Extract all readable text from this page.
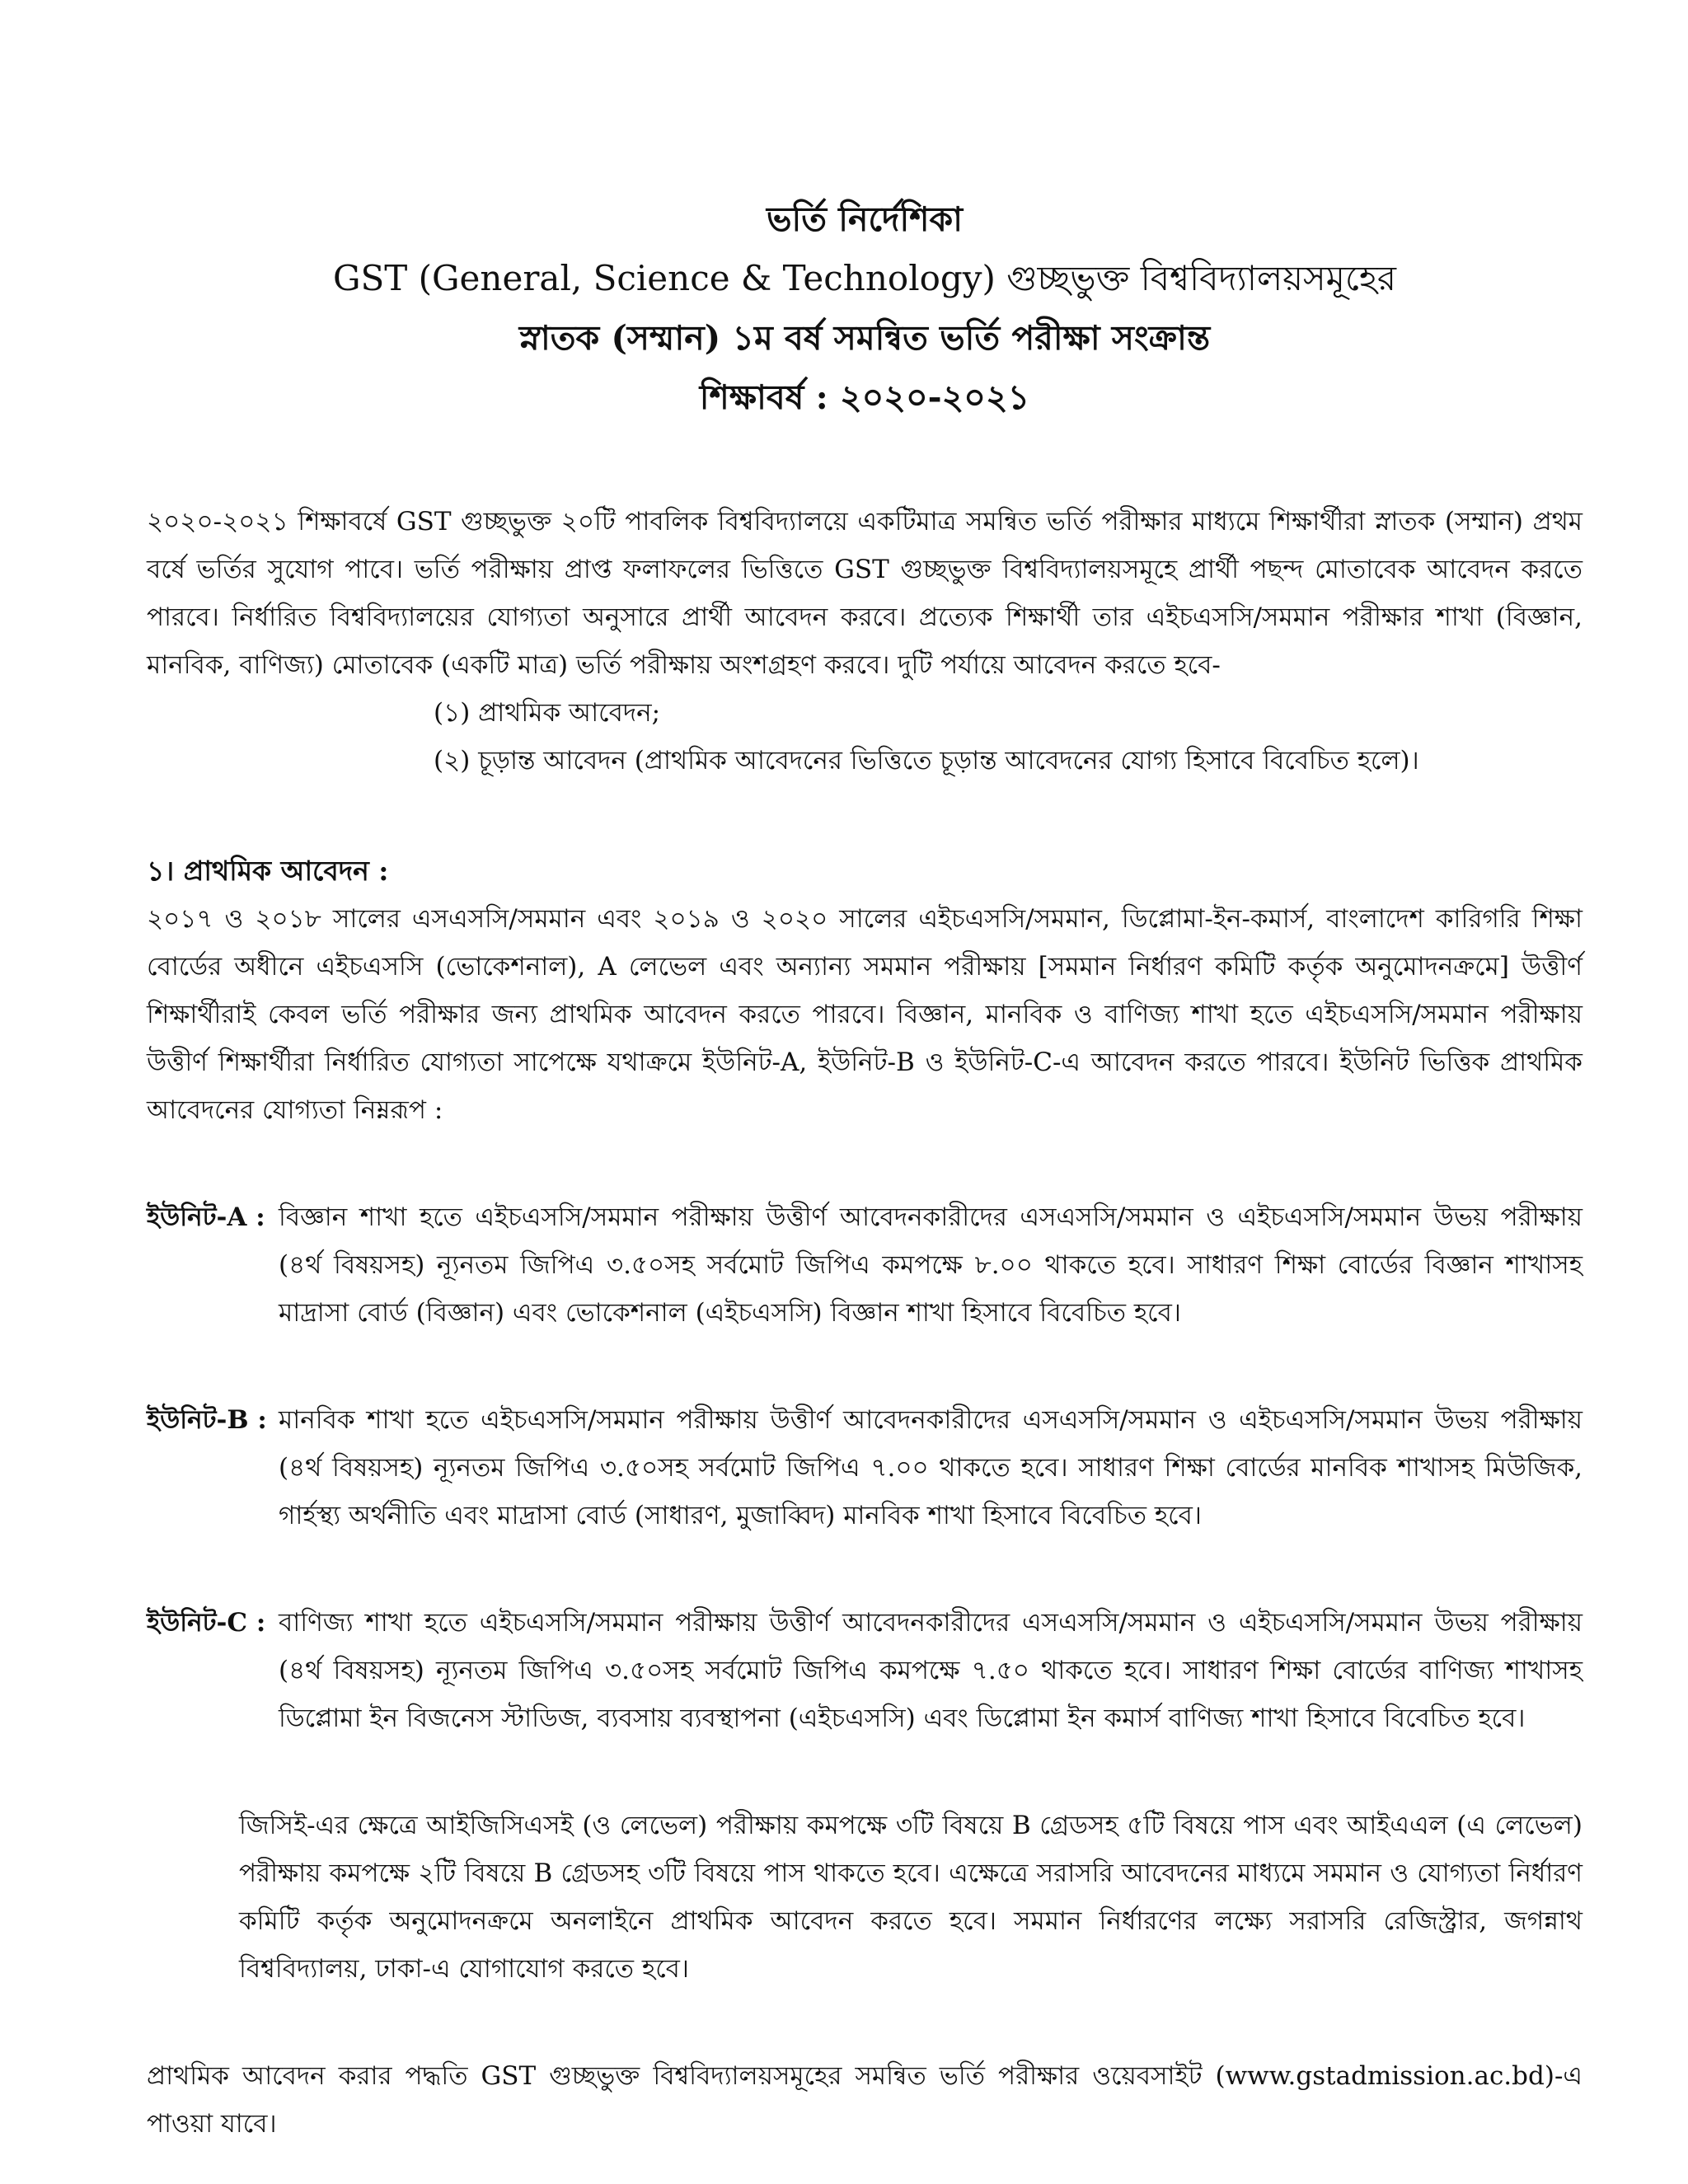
ভর্তি নির্দেশিকা
GST (General, Science & Technology) গুচ্ছভুক্ত বিশ্ববিদ্যালয়সমূহের
স্নাতক (সম্মান) ১ম বর্ষ সমন্বিত ভর্তি পরীক্ষা সংক্রান্ত
শিক্ষাবর্ষ : ২০২০-২০২১

২০২০-২০২১ শিক্ষাবর্ষে GST গুচ্ছভুক্ত ২০টি পাবলিক বিশ্ববিদ্যালয়ে একটিমাত্র সমন্বিত ভর্তি পরীক্ষার মাধ্যমে শিক্ষার্থীরা স্নাতক (সম্মান) প্রথম বর্ষে ভর্তির সুযোগ পাবে। ভর্তি পরীক্ষায় প্রাপ্ত ফলাফলের ভিত্তিতে GST গুচ্ছভুক্ত বিশ্ববিদ্যালয়সমূহে প্রার্থী পছন্দ মোতাবেক আবেদন করতে পারবে। নির্ধারিত বিশ্ববিদ্যালয়ের যোগ্যতা অনুসারে প্রার্থী আবেদন করবে। প্রত্যেক শিক্ষার্থী তার এইচএসসি/সমমান পরীক্ষার শাখা (বিজ্ঞান, মানবিক, বাণিজ্য) মোতাবেক (একটি মাত্র) ভর্তি পরীক্ষায় অংশগ্রহণ করবে। দুটি পর্যায়ে আবেদন করতে হবে-

(১) প্রাথমিক আবেদন;
(২) চূড়ান্ত আবেদন (প্রাথমিক আবেদনের ভিত্তিতে চূড়ান্ত আবেদনের যোগ্য হিসাবে বিবেচিত হলে)।
১। প্রাথমিক আবেদন :

২০১৭ ও ২০১৮ সালের এসএসসি/সমমান এবং ২০১৯ ও ২০২০ সালের এইচএসসি/সমমান, ডিপ্লোমা-ইন-কমার্স, বাংলাদেশ কারিগরি শিক্ষা বোর্ডের অধীনে এইচএসসি (ভোকেশনাল), A লেভেল এবং অন্যান্য সমমান পরীক্ষায় [সমমান নির্ধারণ কমিটি কর্তৃক অনুমোদনক্রমে] উত্তীর্ণ শিক্ষার্থীরাই কেবল ভর্তি পরীক্ষার জন্য প্রাথমিক আবেদন করতে পারবে। বিজ্ঞান, মানবিক ও বাণিজ্য শাখা হতে এইচএসসি/সমমান পরীক্ষায় উত্তীর্ণ শিক্ষার্থীরা নির্ধারিত যোগ্যতা সাপেক্ষে যথাক্রমে ইউনিট-A, ইউনিট-B ও ইউনিট-C-এ আবেদন করতে পারবে। ইউনিট ভিত্তিক প্রাথমিক আবেদনের যোগ্যতা নিম্নরূপ :

ইউনিট-A : বিজ্ঞান শাখা হতে এইচএসসি/সমমান পরীক্ষায় উত্তীর্ণ আবেদনকারীদের এসএসসি/সমমান ও এইচএসসি/সমমান উভয় পরীক্ষায় (৪র্থ বিষয়সহ) ন্যূনতম জিপিএ ৩.৫০সহ সর্বমোট জিপিএ কমপক্ষে ৮.০০ থাকতে হবে। সাধারণ শিক্ষা বোর্ডের বিজ্ঞান শাখাসহ মাদ্রাসা বোর্ড (বিজ্ঞান) এবং ভোকেশনাল (এইচএসসি) বিজ্ঞান শাখা হিসাবে বিবেচিত হবে।
ইউনিট-B : মানবিক শাখা হতে এইচএসসি/সমমান পরীক্ষায় উত্তীর্ণ আবেদনকারীদের এসএসসি/সমমান ও এইচএসসি/সমমান উভয় পরীক্ষায় (৪র্থ বিষয়সহ) ন্যূনতম জিপিএ ৩.৫০সহ সর্বমোট জিপিএ ৭.০০ থাকতে হবে। সাধারণ শিক্ষা বোর্ডের মানবিক শাখাসহ মিউজিক, গার্হস্থ্য অর্থনীতি এবং মাদ্রাসা বোর্ড (সাধারণ, মুজাব্বিদ) মানবিক শাখা হিসাবে বিবেচিত হবে।
ইউনিট-C : বাণিজ্য শাখা হতে এইচএসসি/সমমান পরীক্ষায় উত্তীর্ণ আবেদনকারীদের এসএসসি/সমমান ও এইচএসসি/সমমান উভয় পরীক্ষায় (৪র্থ বিষয়সহ) ন্যূনতম জিপিএ ৩.৫০সহ সর্বমোট জিপিএ কমপক্ষে ৭.৫০ থাকতে হবে। সাধারণ শিক্ষা বোর্ডের বাণিজ্য শাখাসহ ডিপ্লোমা ইন বিজনেস স্টাডিজ, ব্যবসায় ব্যবস্থাপনা (এইচএসসি) এবং ডিপ্লোমা ইন কমার্স বাণিজ্য শাখা হিসাবে বিবেচিত হবে।

জিসিই-এর ক্ষেত্রে আইজিসিএসই (ও লেভেল) পরীক্ষায় কমপক্ষে ৩টি বিষয়ে B গ্রেডসহ ৫টি বিষয়ে পাস এবং আইএএল (এ লেভেল) পরীক্ষায় কমপক্ষে ২টি বিষয়ে B গ্রেডসহ ৩টি বিষয়ে পাস থাকতে হবে। এক্ষেত্রে সরাসরি আবেদনের মাধ্যমে সমমান ও যোগ্যতা নির্ধারণ কমিটি কর্তৃক অনুমোদনক্রমে অনলাইনে প্রাথমিক আবেদন করতে হবে। সমমান নির্ধারণের লক্ষ্যে সরাসরি রেজিস্ট্রার, জগন্নাথ বিশ্ববিদ্যালয়, ঢাকা-এ যোগাযোগ করতে হবে।

প্রাথমিক আবেদন করার পদ্ধতি GST গুচ্ছভুক্ত বিশ্ববিদ্যালয়সমূহের সমন্বিত ভর্তি পরীক্ষার ওয়েবসাইট (www.gstadmission.ac.bd)-এ পাওয়া যাবে।
